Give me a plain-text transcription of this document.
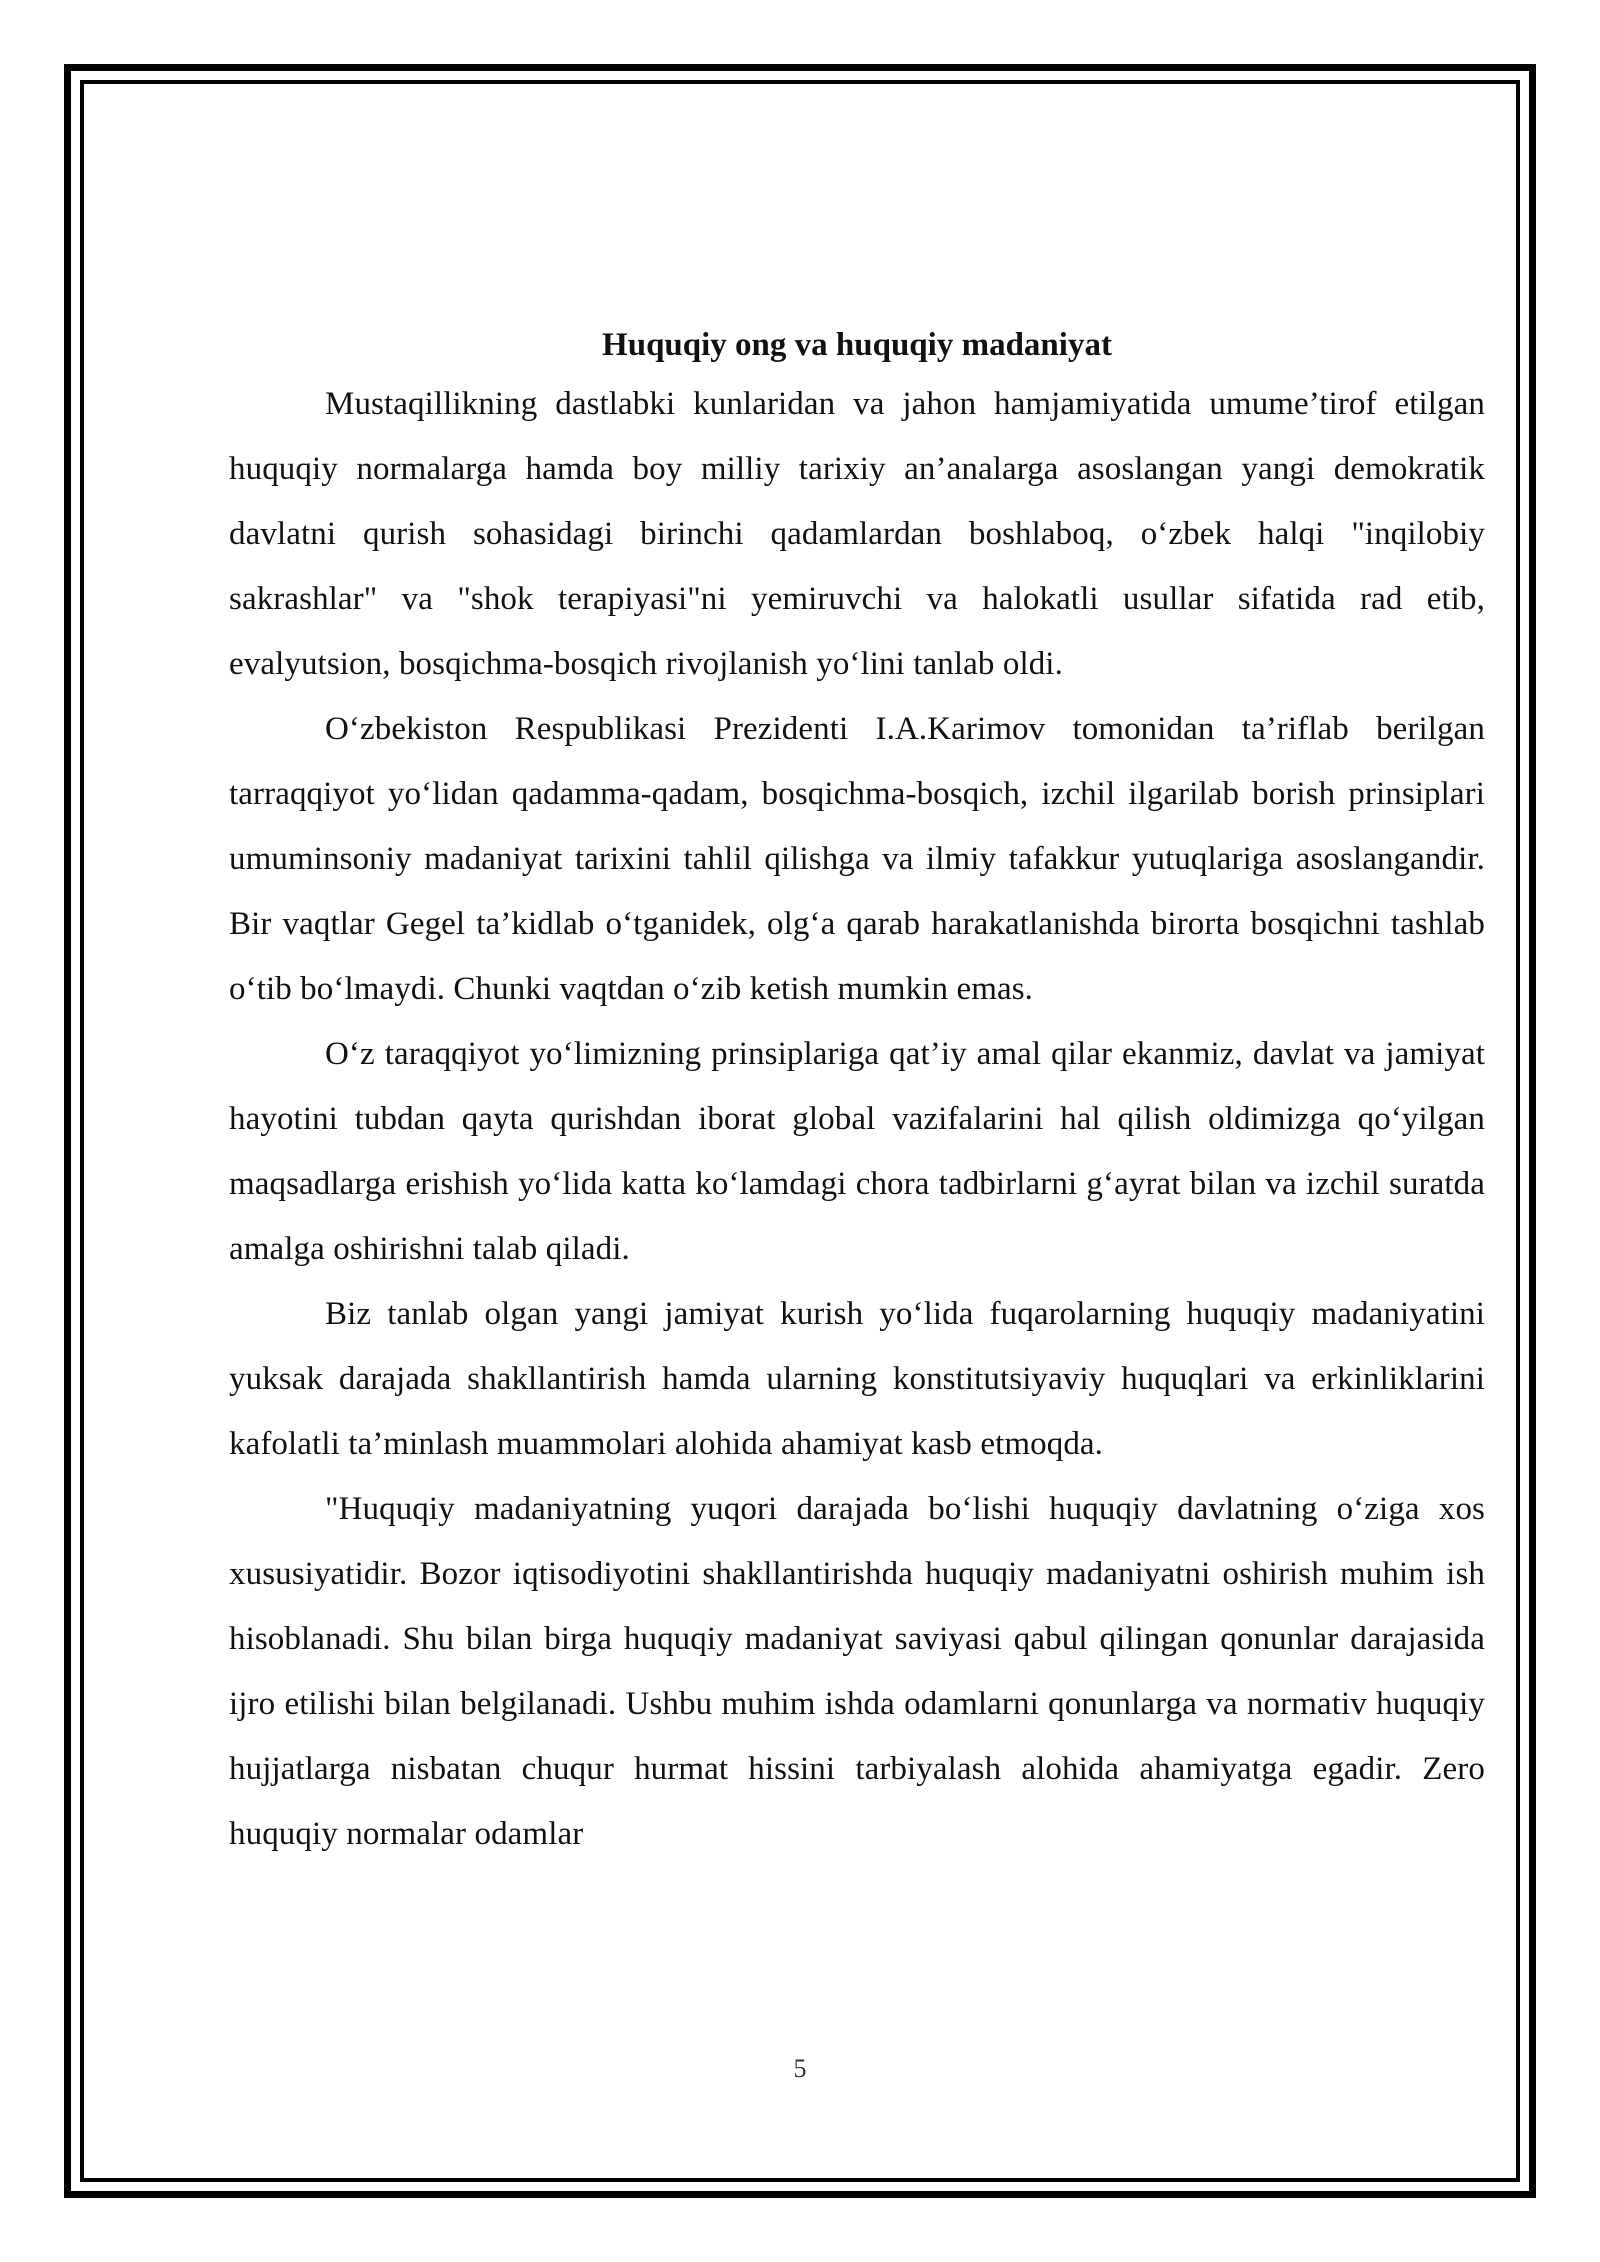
Huquqiy ong va huquqiy madaniyat

Mustaqillikning dastlabki kunlaridan va jahon hamjamiyatida umume’tirof etilgan huquqiy normalarga hamda boy milliy tarixiy an’analarga asoslangan yangi demokratik davlatni qurish sohasidagi birinchi qadamlardan boshlaboq, o‘zbek halqi "inqilobiy sakrashlar" va "shok terapiyasi"ni yemiruvchi va halokatli usullar sifatida rad etib, evalyutsion, bosqichma-bosqich rivojlanish yo‘lini tanlab oldi.

O‘zbekiston Respublikasi Prezidenti I.A.Karimov tomonidan ta’riflab berilgan tarraqqiyot yo‘lidan qadamma-qadam, bosqichma-bosqich, izchil ilgarilab borish prinsiplari umuminsoniy madaniyat tarixini tahlil qilishga va ilmiy tafakkur yutuqlariga asoslangandir. Bir vaqtlar Gegel ta’kidlab o‘tganidek, olg‘a qarab harakatlanishda birorta bosqichni tashlab o‘tib bo‘lmaydi. Chunki vaqtdan o‘zib ketish mumkin emas.

O‘z taraqqiyot yo‘limizning prinsiplariga qat’iy amal qilar ekanmiz, davlat va jamiyat hayotini tubdan qayta qurishdan iborat global vazifalarini hal qilish oldimizga qo‘yilgan maqsadlarga erishish yo‘lida katta ko‘lamdagi chora tadbirlarni g‘ayrat bilan va izchil suratda amalga oshirishni talab qiladi.

Biz tanlab olgan yangi jamiyat kurish yo‘lida fuqarolarning huquqiy madaniyatini yuksak darajada shakllantirish hamda ularning konstitutsiyaviy huquqlari va erkinliklarini kafolatli ta’minlash muammolari alohida ahamiyat kasb etmoqda.

"Huquqiy madaniyatning yuqori darajada bo‘lishi huquqiy davlatning o‘ziga xos xususiyatidir. Bozor iqtisodiyotini shakllantirishda huquqiy madaniyatni oshirish muhim ish hisoblanadi. Shu bilan birga huquqiy madaniyat saviyasi qabul qilingan qonunlar darajasida ijro etilishi bilan belgilanadi. Ushbu muhim ishda odamlarni qonunlarga va normativ huquqiy hujjatlarga nisbatan chuqur hurmat hissini tarbiyalash alohida ahamiyatga egadir. Zero huquqiy normalar odamlar

5
